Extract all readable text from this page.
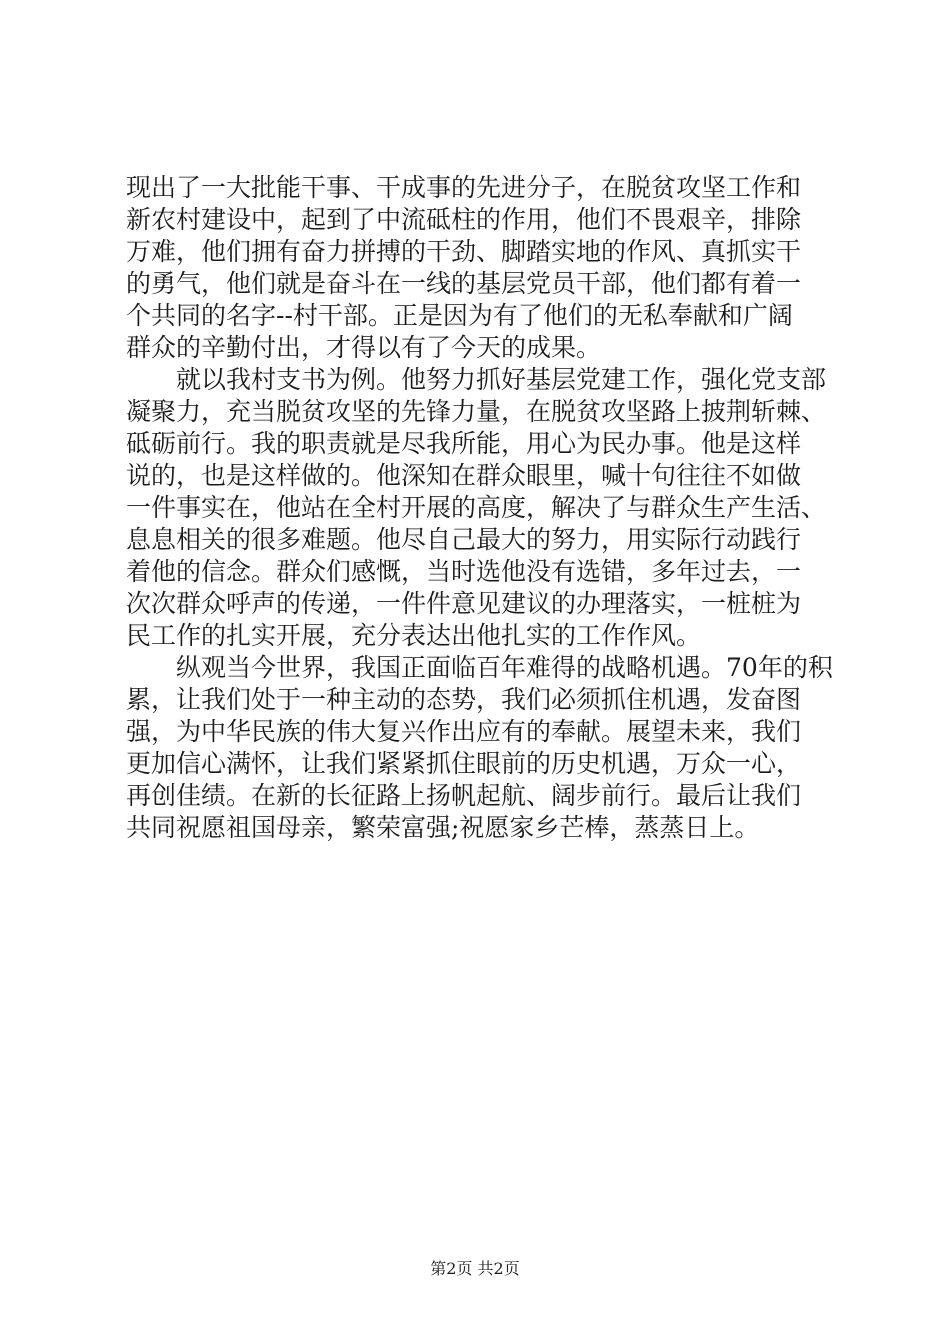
现出了一大批能干事、干成事的先进分子，在脱贫攻坚工作和
新农村建设中，起到了中流砥柱的作用，他们不畏艰辛，排除
万难，他们拥有奋力拼搏的干劲、脚踏实地的作风、真抓实干
的勇气，他们就是奋斗在一线的基层党员干部，他们都有着一
个共同的名字--村干部。正是因为有了他们的无私奉献和广阔
群众的辛勤付出，才得以有了今天的成果。
　　就以我村支书为例。他努力抓好基层党建工作，强化党支部
凝聚力，充当脱贫攻坚的先锋力量，在脱贫攻坚路上披荆斩棘、
砥砺前行。我的职责就是尽我所能，用心为民办事。他是这样
说的，也是这样做的。他深知在群众眼里，喊十句往往不如做
一件事实在，他站在全村开展的高度，解决了与群众生产生活、
息息相关的很多难题。他尽自己最大的努力，用实际行动践行
着他的信念。群众们感慨，当时选他没有选错，多年过去，一
次次群众呼声的传递，一件件意见建议的办理落实，一桩桩为
民工作的扎实开展，充分表达出他扎实的工作作风。
　　纵观当今世界，我国正面临百年难得的战略机遇。70年的积
累，让我们处于一种主动的态势，我们必须抓住机遇，发奋图
强，为中华民族的伟大复兴作出应有的奉献。展望未来，我们
更加信心满怀，让我们紧紧抓住眼前的历史机遇，万众一心，
再创佳绩。在新的长征路上扬帆起航、阔步前行。最后让我们
共同祝愿祖国母亲，繁荣富强;祝愿家乡芒棒，蒸蒸日上。
第2页 共2页
